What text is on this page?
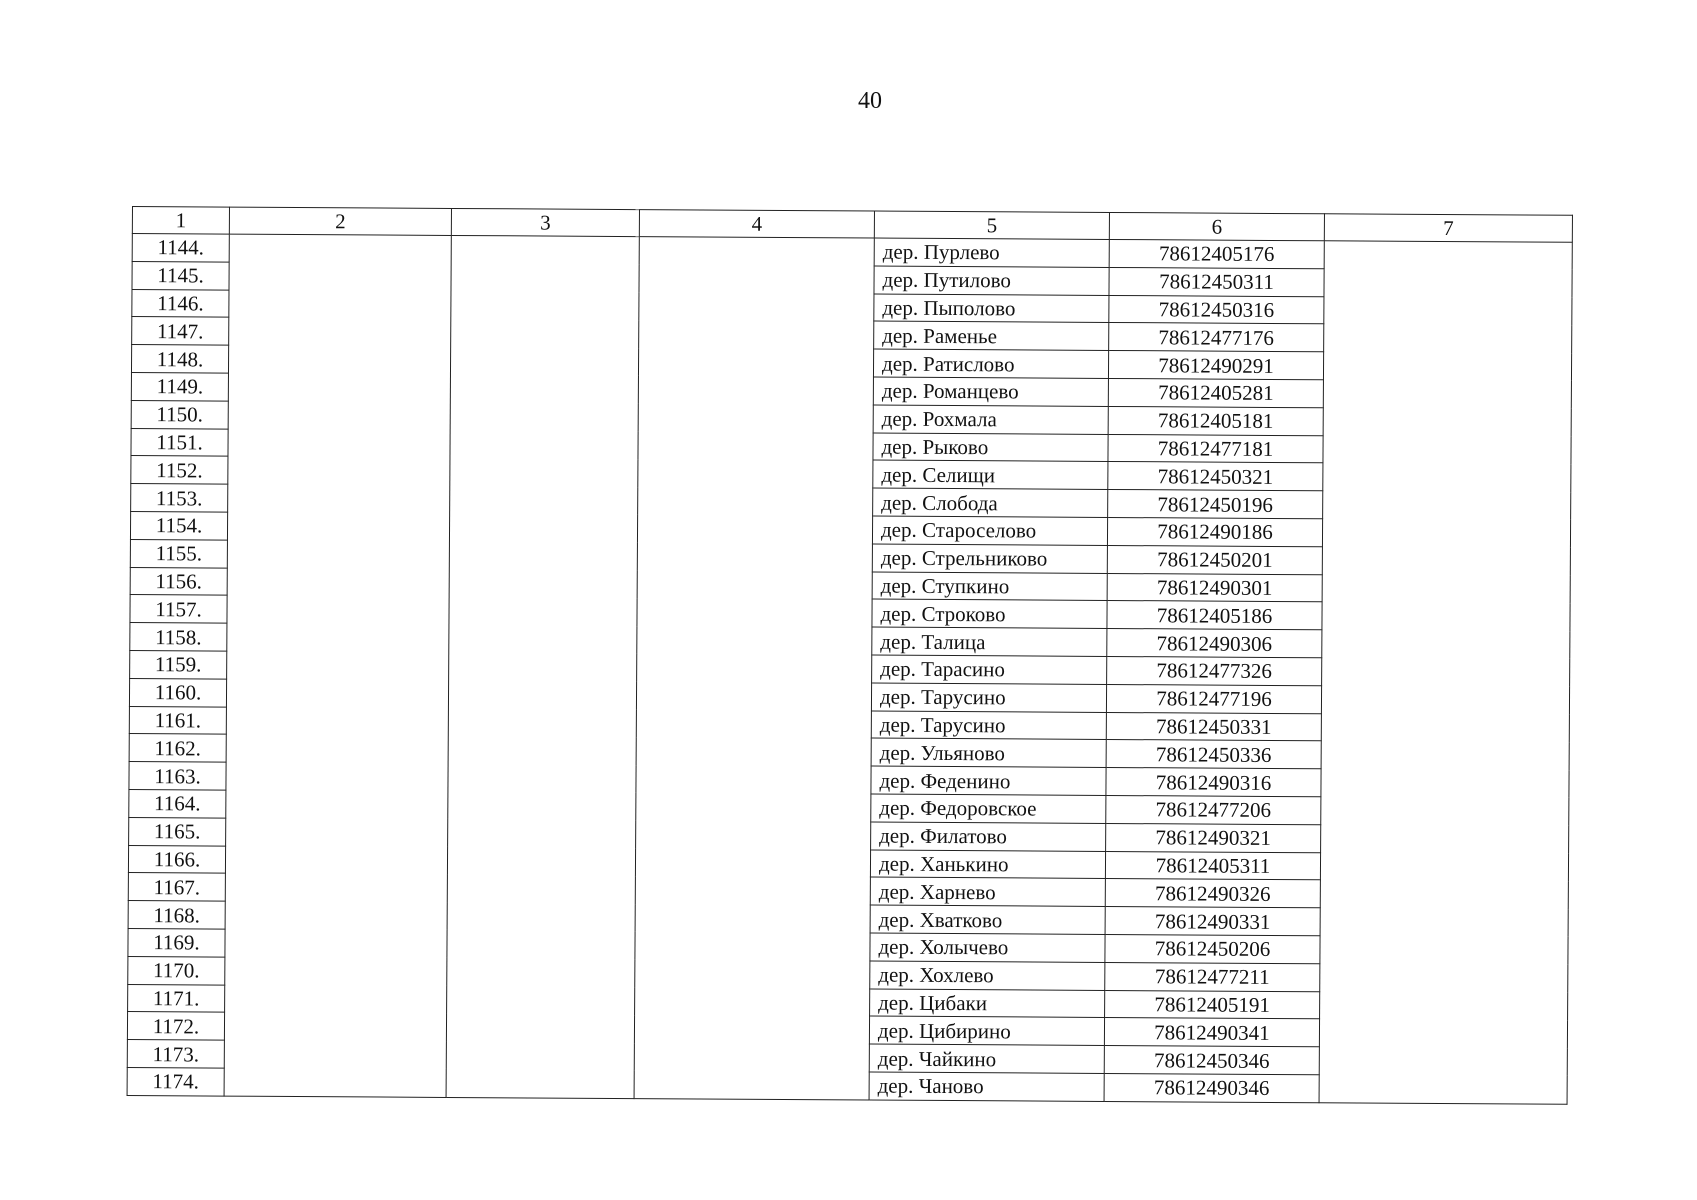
40
1	2	3	4	5	6	7
1144.				дер. Пурлево	78612405176	
1145.				дер. Путилово	78612450311	
1146.				дер. Пыполово	78612450316	
1147.				дер. Раменье	78612477176	
1148.				дер. Ратислово	78612490291	
1149.				дер. Романцево	78612405281	
1150.				дер. Рохмала	78612405181	
1151.				дер. Рыково	78612477181	
1152.				дер. Селищи	78612450321	
1153.				дер. Слобода	78612450196	
1154.				дер. Староселово	78612490186	
1155.				дер. Стрельниково	78612450201	
1156.				дер. Ступкино	78612490301	
1157.				дер. Строково	78612405186	
1158.				дер. Талица	78612490306	
1159.				дер. Тарасино	78612477326	
1160.				дер. Тарусино	78612477196	
1161.				дер. Тарусино	78612450331	
1162.				дер. Ульяново	78612450336	
1163.				дер. Феденино	78612490316	
1164.				дер. Федоровское	78612477206	
1165.				дер. Филатово	78612490321	
1166.				дер. Ханькино	78612405311	
1167.				дер. Харнево	78612490326	
1168.				дер. Хватково	78612490331	
1169.				дер. Холычево	78612450206	
1170.				дер. Хохлево	78612477211	
1171.				дер. Цибаки	78612405191	
1172.				дер. Цибирино	78612490341	
1173.				дер. Чайкино	78612450346	
1174.				дер. Чаново	78612490346	
